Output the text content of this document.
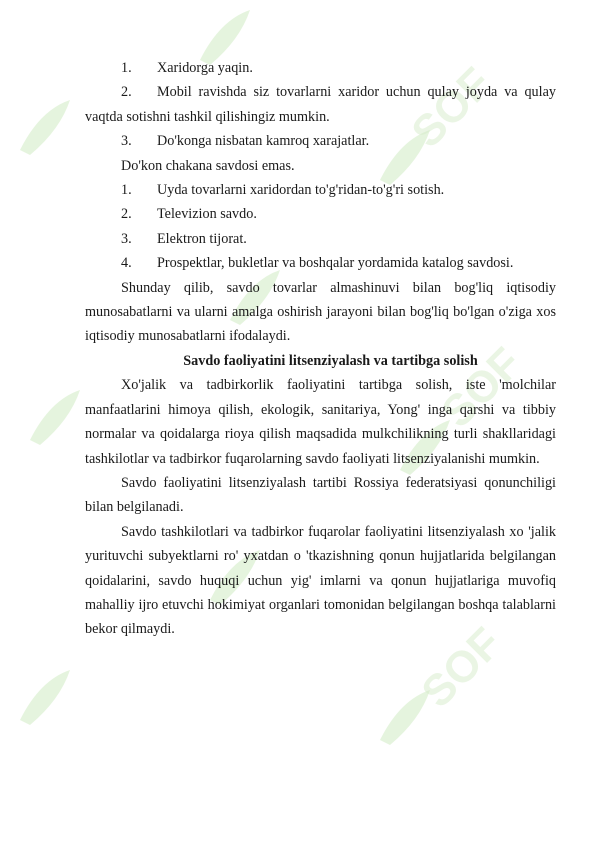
SOF
SOF
SOF
1.	Xaridorga yaqin.

2. Mobil ravishda siz tovarlarni xaridor uchun qulay joyda va qulay vaqtda sotishni tashkil qilishingiz mumkin.

3.	Do'konga nisbatan kamroq xarajatlar.

Do'kon chakana savdosi emas.

1.	Uyda tovarlarni xaridordan to'g'ridan-to'g'ri sotish.
2.	Televizion savdo.
3.	Elektron tijorat.

4. Prospektlar, bukletlar va boshqalar yordamida katalog savdosi.

Shunday qilib, savdo tovarlar almashinuvi bilan bog'liq iqtisodiy munosabatlarni va ularni amalga oshirish jarayoni bilan bog'liq bo'lgan o'ziga xos iqtisodiy munosabatlarni ifodalaydi.

Savdo faoliyatini litsenziyalash va tartibga solish

Xo'jalik va tadbirkorlik faoliyatini tartibga solish, iste 'molchilar manfaatlarini himoya qilish, ekologik, sanitariya, Yong' inga qarshi va tibbiy normalar va qoidalarga rioya qilish maqsadida mulkchilikning turli shakllaridagi tashkilotlar va tadbirkor fuqarolarning savdo faoliyati litsenziyalanishi mumkin.

Savdo faoliyatini litsenziyalash tartibi Rossiya federatsiyasi qonunchiligi bilan belgilanadi.

Savdo tashkilotlari va tadbirkor fuqarolar faoliyatini litsenziyalash xo 'jalik yurituvchi subyektlarni ro' yxatdan o 'tkazishning qonun hujjatlarida belgilangan qoidalarini, savdo huquqi uchun yig' imlarni va qonun hujjatlariga muvofiq mahalliy ijro etuvchi hokimiyat organlari tomonidan belgilangan boshqa talablarni bekor qilmaydi.
